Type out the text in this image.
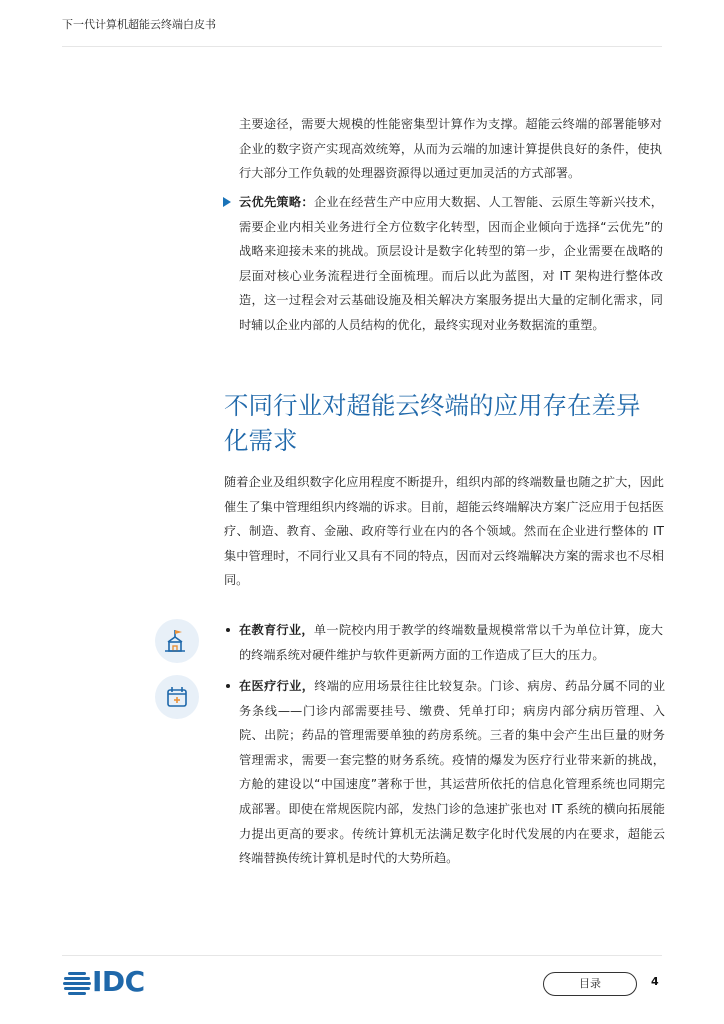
下一代计算机超能云终端白皮书

主要途径，需要大规模的性能密集型计算作为支撑。超能云终端的部署能够对企业的数字资产实现高效统筹，从而为云端的加速计算提供良好的条件，使执行大部分工作负载的处理器资源得以通过更加灵活的方式部署。

云优先策略：企业在经营生产中应用大数据、人工智能、云原生等新兴技术，需要企业内相关业务进行全方位数字化转型，因而企业倾向于选择“云优先”的战略来迎接未来的挑战。顶层设计是数字化转型的第一步，企业需要在战略的层面对核心业务流程进行全面梳理。而后以此为蓝图，对 IT 架构进行整体改造，这一过程会对云基础设施及相关解决方案服务提出大量的定制化需求，同时辅以企业内部的人员结构的优化，最终实现对业务数据流的重塑。

不同行业对超能云终端的应用存在差异化需求

随着企业及组织数字化应用程度不断提升，组织内部的终端数量也随之扩大，因此催生了集中管理组织内终端的诉求。目前，超能云终端解决方案广泛应用于包括医疗、制造、教育、金融、政府等行业在内的各个领域。然而在企业进行整体的 IT 集中管理时，不同行业又具有不同的特点，因而对云终端解决方案的需求也不尽相同。

在教育行业，单一院校内用于教学的终端数量规模常常以千为单位计算，庞大的终端系统对硬件维护与软件更新两方面的工作造成了巨大的压力。

在医疗行业，终端的应用场景往往比较复杂。门诊、病房、药品分属不同的业务条线——门诊内部需要挂号、缴费、凭单打印；病房内部分病历管理、入院、出院；药品的管理需要单独的药房系统。三者的集中会产生出巨量的财务管理需求，需要一套完整的财务系统。疫情的爆发为医疗行业带来新的挑战，方舱的建设以“中国速度”著称于世，其运营所依托的信息化管理系统也同期完成部署。即使在常规医院内部，发热门诊的急速扩张也对 IT 系统的横向拓展能力提出更高的要求。传统计算机无法满足数字化时代发展的内在要求，超能云终端替换传统计算机是时代的大势所趋。

IDC	目录	4
